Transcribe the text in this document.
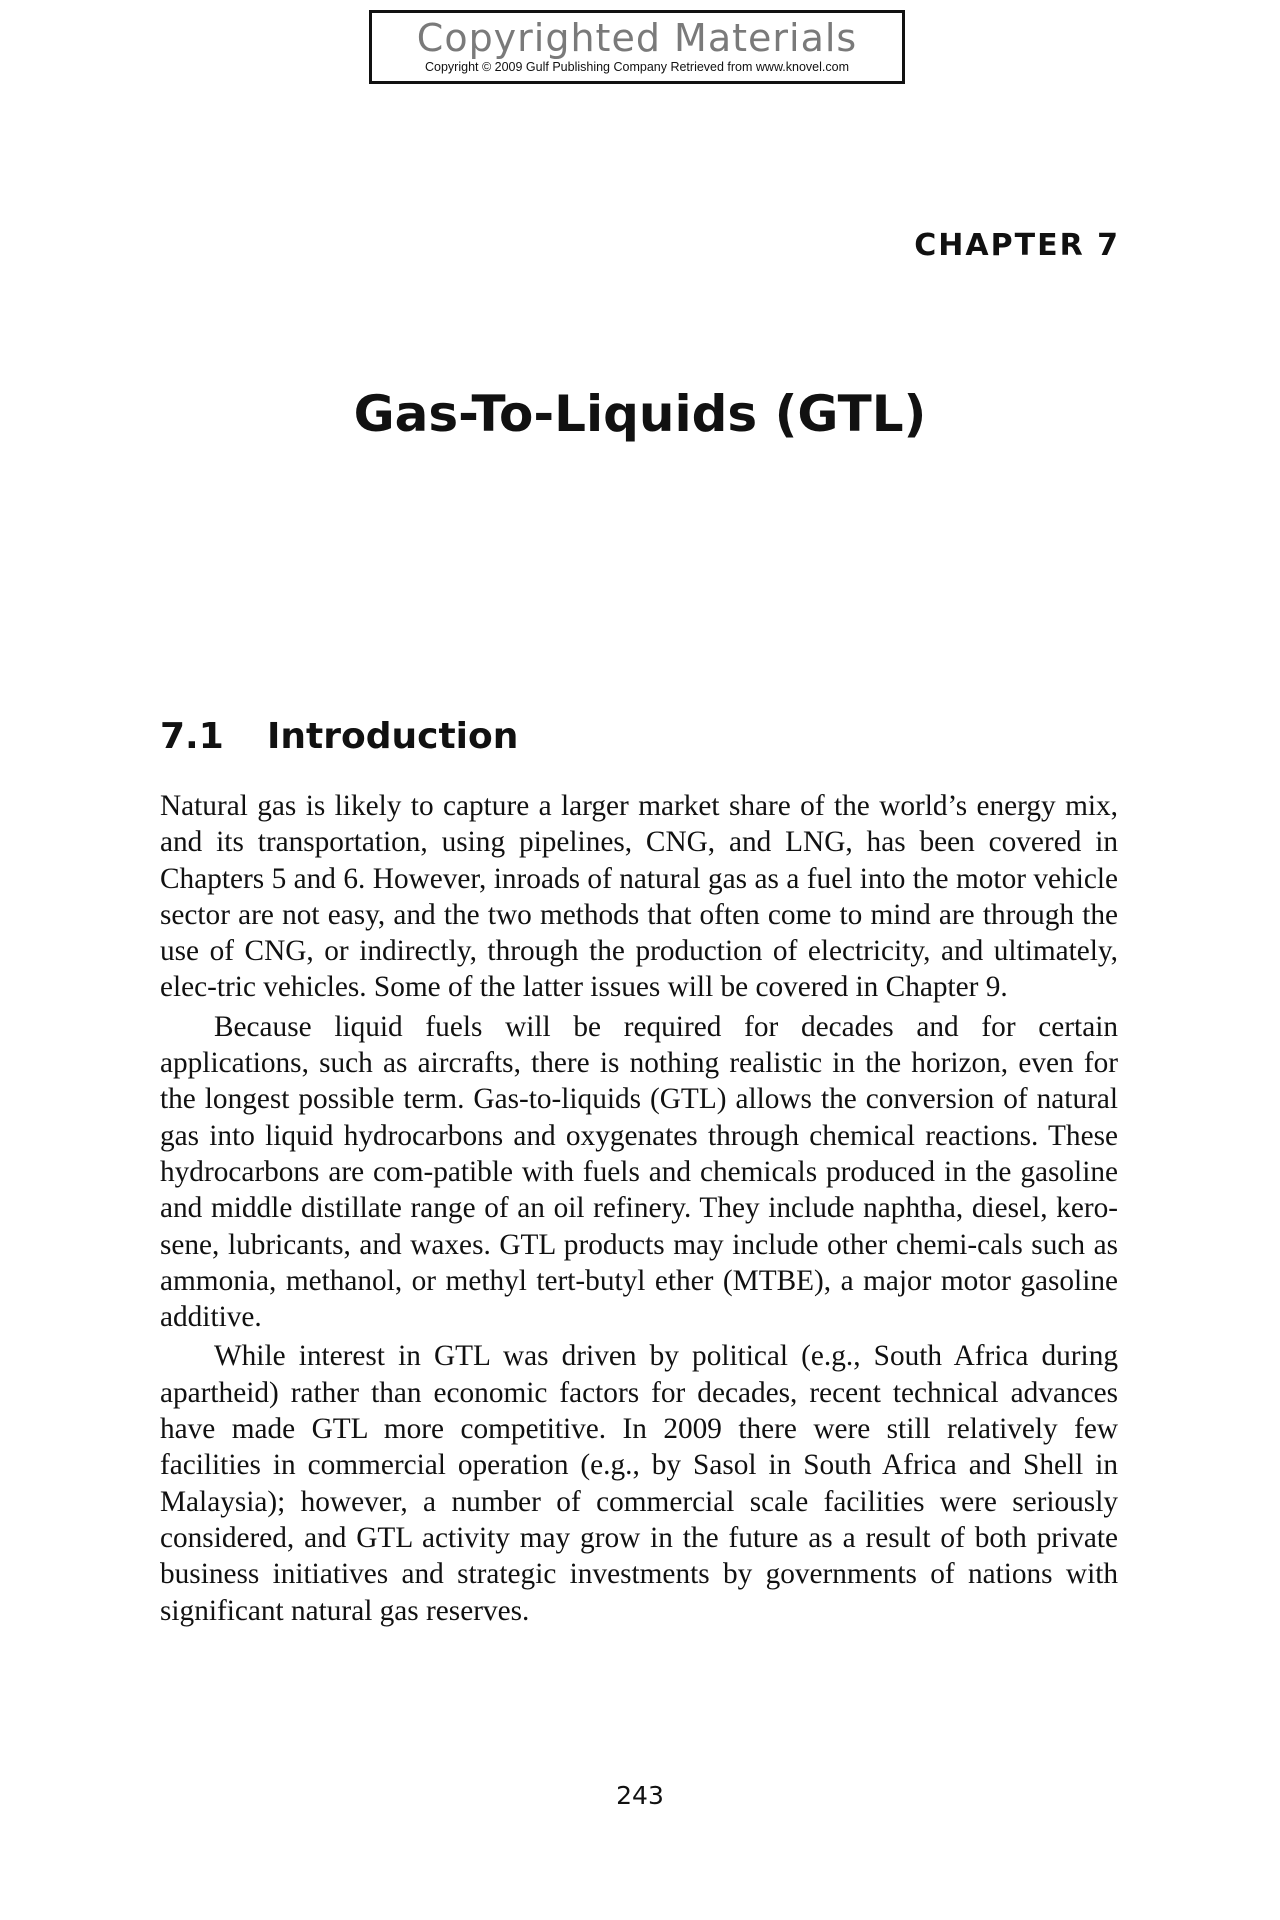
Copyrighted Materials
Copyright © 2009 Gulf Publishing Company Retrieved from www.knovel.com
CHAPTER 7
Gas-To-Liquids (GTL)
7.1 Introduction

Natural gas is likely to capture a larger market share of the world’s energy mix, and its transportation, using pipelines, CNG, and LNG, has been covered in Chapters 5 and 6. However, inroads of natural gas as a fuel into the motor vehicle sector are not easy, and the two methods that often come to mind are through the use of CNG, or indirectly, through the production of electricity, and ultimately, elec-tric vehicles. Some of the latter issues will be covered in Chapter 9.

Because liquid fuels will be required for decades and for certain applications, such as aircrafts, there is nothing realistic in the horizon, even for the longest possible term. Gas-to-liquids (GTL) allows the conversion of natural gas into liquid hydrocarbons and oxygenates through chemical reactions. These hydrocarbons are com-patible with fuels and chemicals produced in the gasoline and middle distillate range of an oil refinery. They include naphtha, diesel, kero-sene, lubricants, and waxes. GTL products may include other chemi-cals such as ammonia, methanol, or methyl tert-butyl ether (MTBE), a major motor gasoline additive.

While interest in GTL was driven by political (e.g., South Africa during apartheid) rather than economic factors for decades, recent technical advances have made GTL more competitive. In 2009 there were still relatively few facilities in commercial operation (e.g., by Sasol in South Africa and Shell in Malaysia); however, a number of commercial scale facilities were seriously considered, and GTL activity may grow in the future as a result of both private business initiatives and strategic investments by governments of nations with significant natural gas reserves.

243
